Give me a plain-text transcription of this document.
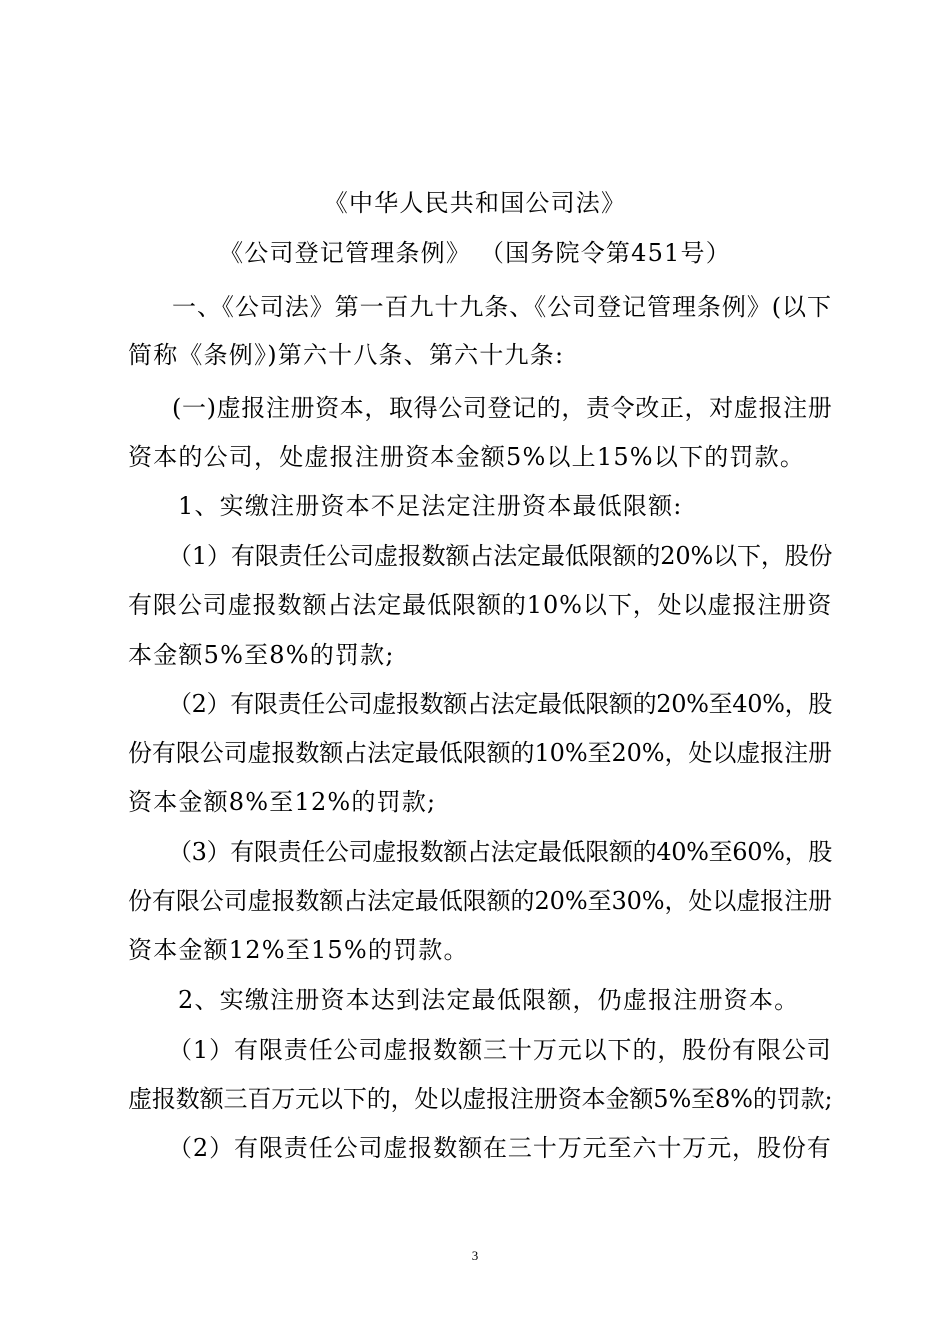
《中华人民共和国公司法》
《公司登记管理条例》 （国务院令第451号）
一、《公司法》第一百九十九条、《公司登记管理条例》(以下
简称《条例》)第六十八条、第六十九条:
(一)虚报注册资本，取得公司登记的，责令改正，对虚报注册
资本的公司，处虚报注册资本金额5%以上15%以下的罚款。
1、实缴注册资本不足法定注册资本最低限额:
（1）有限责任公司虚报数额占法定最低限额的20%以下，股份
有限公司虚报数额占法定最低限额的10%以下，处以虚报注册资
本金额5%至8%的罚款;
（2）有限责任公司虚报数额占法定最低限额的20%至40%，股
份有限公司虚报数额占法定最低限额的10%至20%，处以虚报注册
资本金额8%至12%的罚款;
（3）有限责任公司虚报数额占法定最低限额的40%至60%，股
份有限公司虚报数额占法定最低限额的20%至30%，处以虚报注册
资本金额12%至15%的罚款。
2、实缴注册资本达到法定最低限额，仍虚报注册资本。
（1）有限责任公司虚报数额三十万元以下的，股份有限公司
虚报数额三百万元以下的，处以虚报注册资本金额5%至8%的罚款;
（2）有限责任公司虚报数额在三十万元至六十万元，股份有
3
